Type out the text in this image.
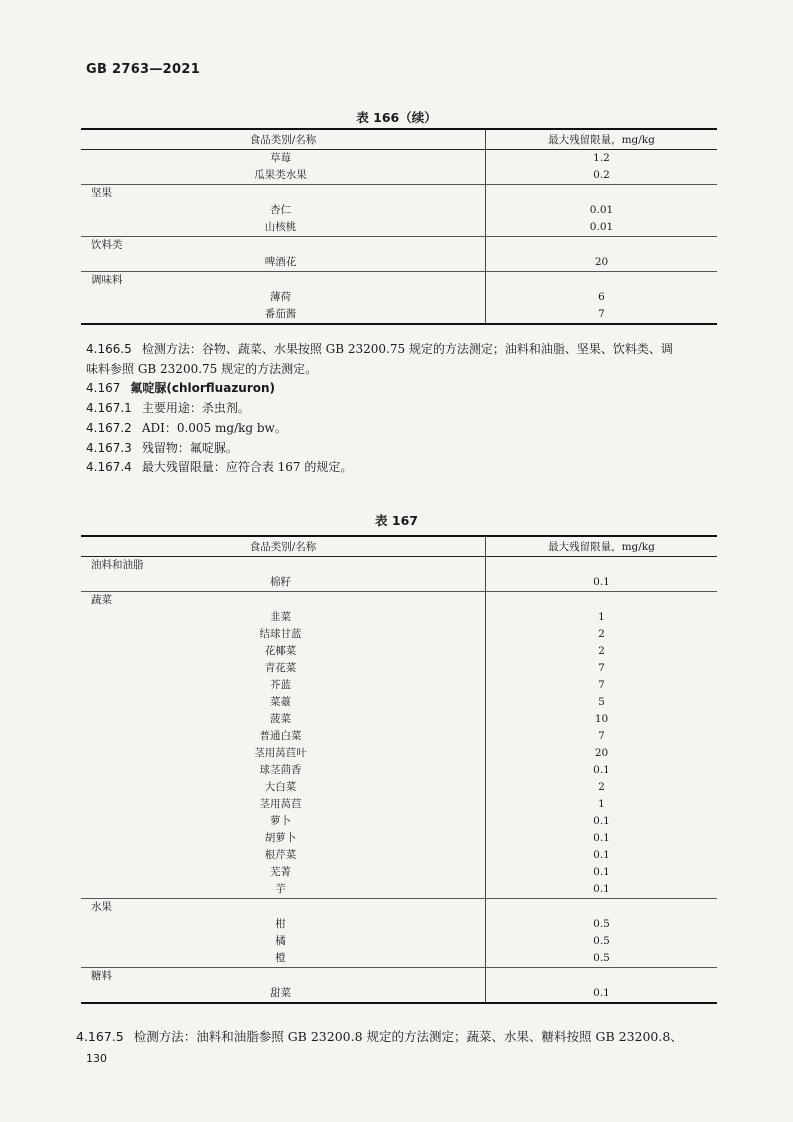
GB 2763—2021
表 166（续）
食品类别/名称	最大残留限量，mg/kg

草莓	1.2

瓜果类水果	0.2

坚果	

杏仁	0.01

山核桃	0.01

饮料类	

啤酒花	20

调味料	

薄荷	6

番茄酱	7

4.166.5 检测方法：谷物、蔬菜、水果按照 GB 23200.75 规定的方法测定；油料和油脂、坚果、饮料类、调

味料参照 GB 23200.75 规定的方法测定。

4.167 氟啶脲(chlorfluazuron)

4.167.1 主要用途：杀虫剂。

4.167.2 ADI：0.005 mg/kg bw。

4.167.3 残留物：氟啶脲。

4.167.4 最大残留限量：应符合表 167 的规定。

表 167
食品类别/名称	最大残留限量，mg/kg

油料和油脂	

棉籽	0.1

蔬菜	

韭菜	1

结球甘蓝	2

花椰菜	2

青花菜	7

芥蓝	7

菜薹	5

菠菜	10

普通白菜	7

茎用莴苣叶	20

球茎茴香	0.1

大白菜	2

茎用莴苣	1

萝卜	0.1

胡萝卜	0.1

根芹菜	0.1

芜菁	0.1

芋	0.1

水果	

柑	0.5

橘	0.5

橙	0.5

糖料	

甜菜	0.1
4.167.5 检测方法：油料和油脂参照 GB 23200.8 规定的方法测定；蔬菜、水果、糖料按照 GB 23200.8、
130
